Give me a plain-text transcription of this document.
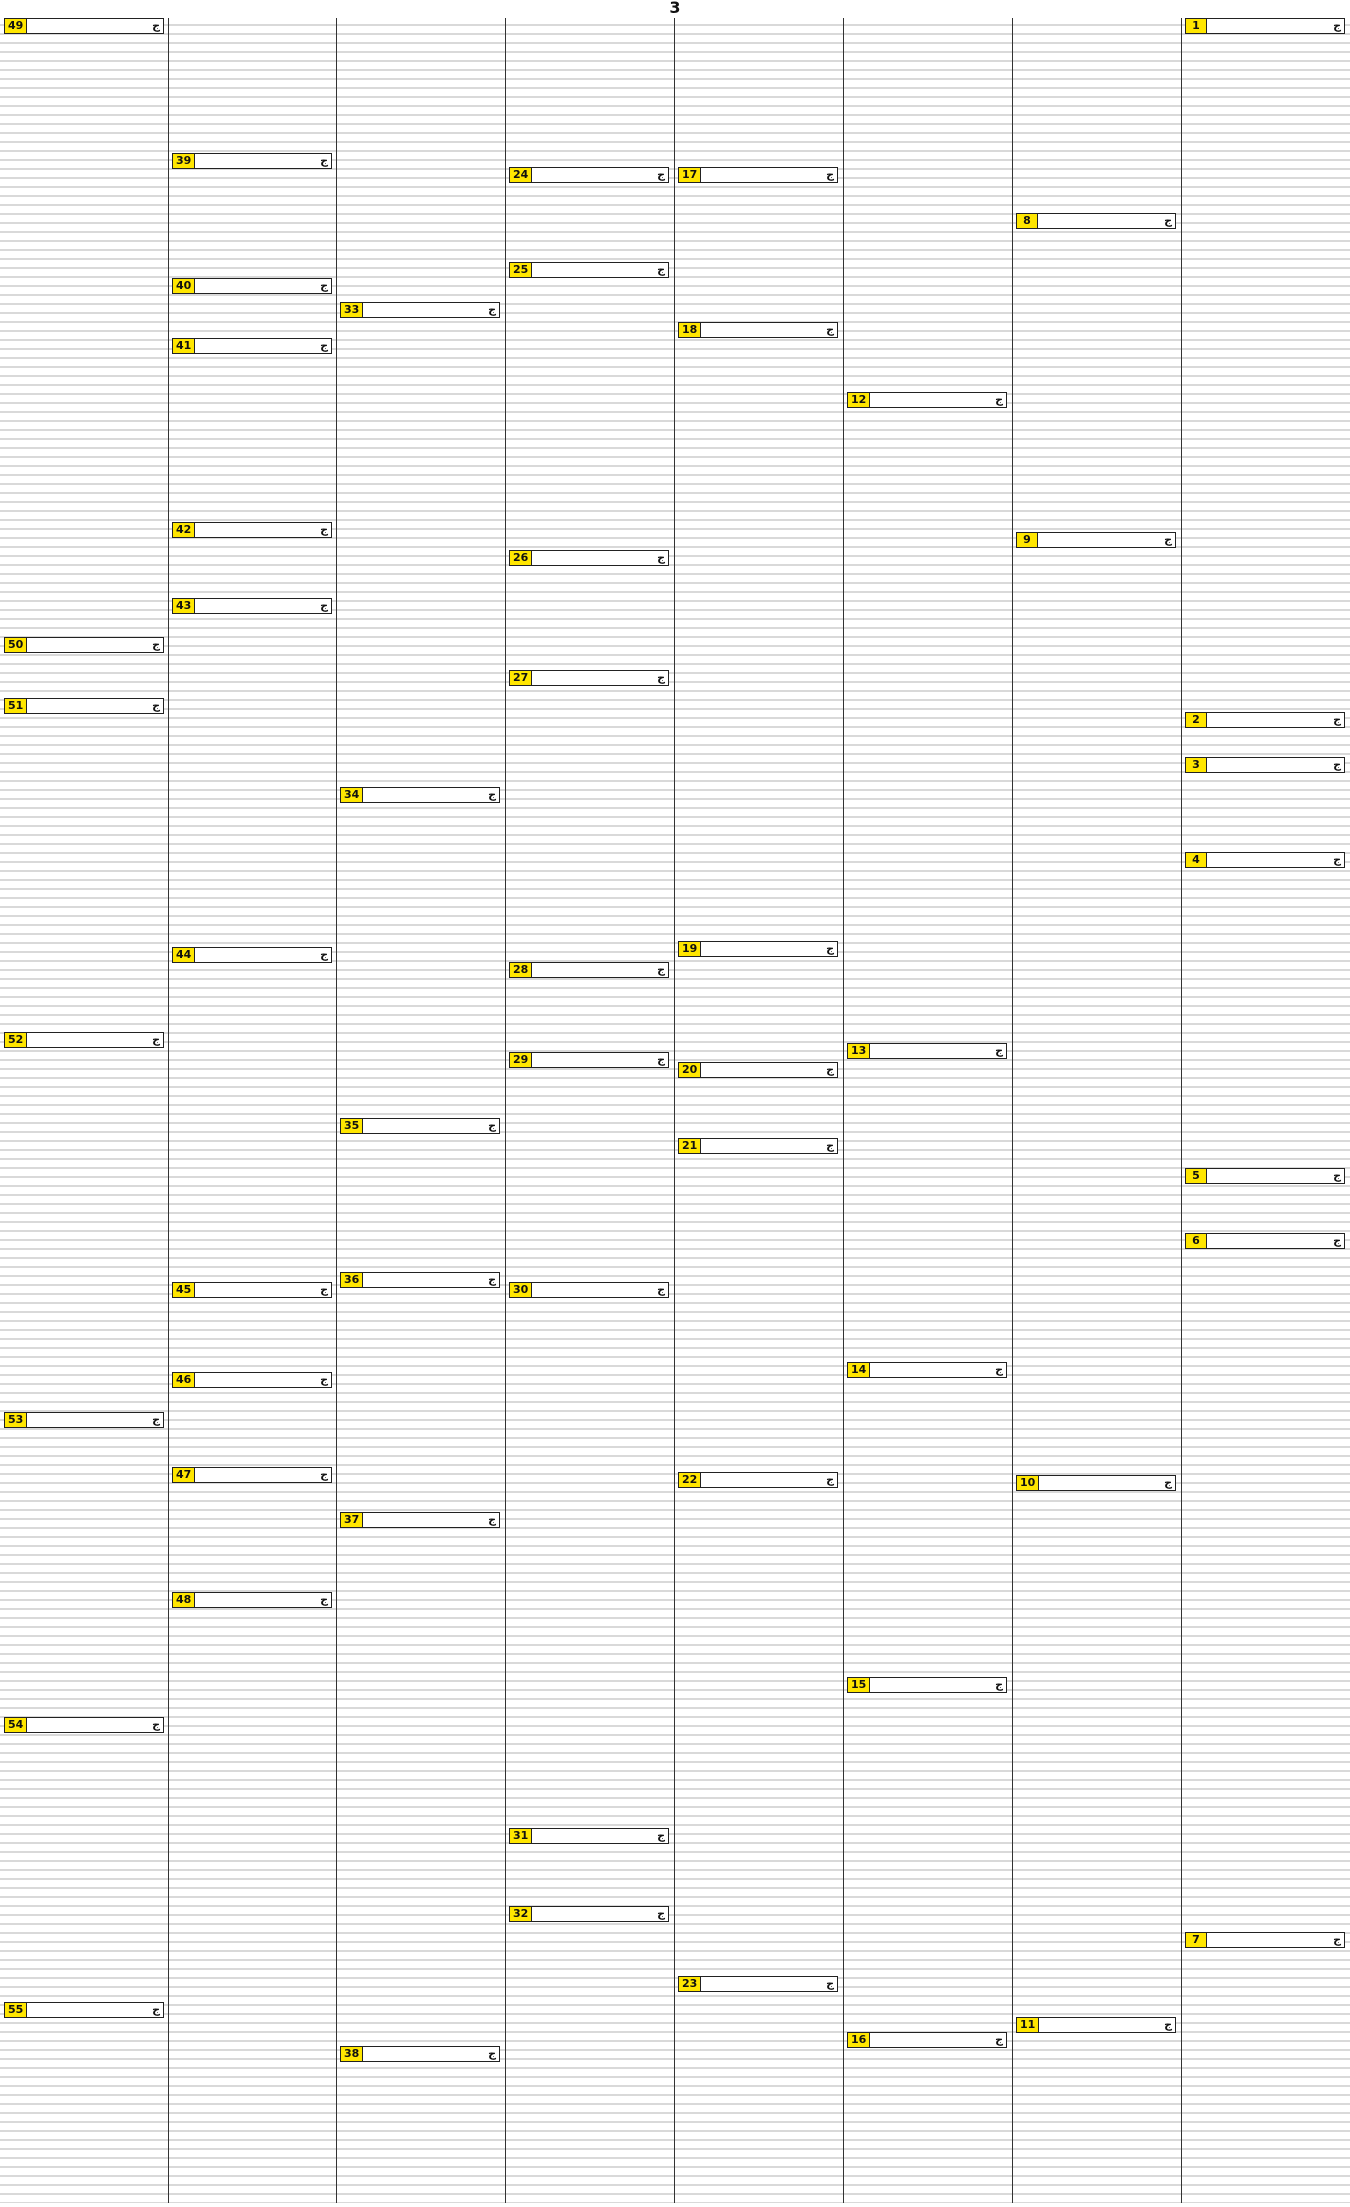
3
1	ج
2	ج
3	ج
4	ج
5	ج
6	ج
7	ج
8	ج
9	ج
10	ج
11	ج
12	ج
13	ج
14	ج
15	ج
16	ج
17	ج
18	ج
19	ج
20	ج
21	ج
22	ج
23	ج
24	ج
25	ج
26	ج
27	ج
28	ج
29	ج
30	ج
31	ج
32	ج
33	ج
34	ج
35	ج
36	ج
37	ج
38	ج
39	ج
40	ج
41	ج
42	ج
43	ج
44	ج
45	ج
46	ج
47	ج
48	ج
49	ج
50	ج
51	ج
52	ج
53	ج
54	ج
55	ج
